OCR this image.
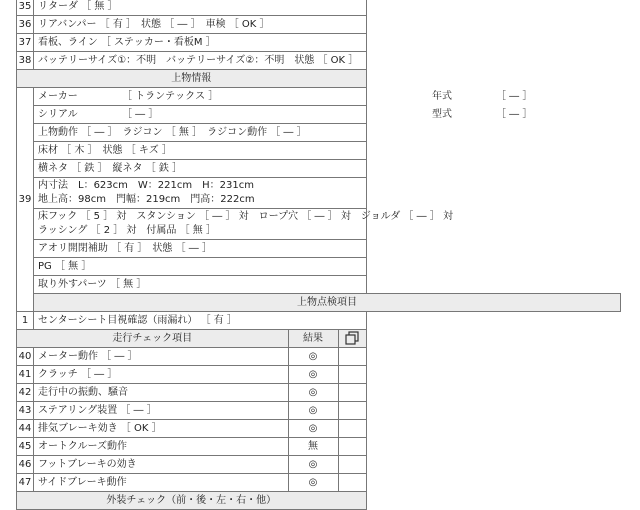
35	リターダ ［ 無 ］		
36	リアバンパー ［ 有 ］　状態 ［ ― ］　車検 ［ OK ］		
37	看板、ライン ［ ステッカー・看板M ］		
38	バッテリーサイズ①：不明　バッテリーサイズ②：不明　状態 ［ OK ］		
上物情報			
39	メーカー ［ トランテックス ］ 年式 ［ ― ］		
	シリアル ［ ― ］ 型式 ［ ― ］		
	上物動作 ［ ― ］　ラジコン ［ 無 ］　ラジコン動作 ［ ― ］		
	床材 ［ 木 ］　状態 ［ キズ ］		
	横ネタ ［ 鉄 ］　縦ネタ ［ 鉄 ］		

	内寸法　L：623cm　W：221cm　H：231cm
地上高：98cm　門幅：219cm　門高：222cm		

	床フック ［ 5 ］ 対　スタンション ［ ― ］ 対　ロープ穴 ［ ― ］ 対　ジョルダ ［ ― ］ 対
ラッシング ［ 2 ］ 対　付属品 ［ 無 ］		

	アオリ開閉補助 ［ 有 ］　状態 ［ ― ］		
	PG ［ 無 ］		
	取り外すパーツ ［ 無 ］		
	上物点検項目		
1	センターシート目視確認（雨漏れ） ［ 有 ］		
走行チェック項目		結果	
40	メーター動作 ［ ― ］	◎	
41	クラッチ ［ ― ］	◎	
42	走行中の振動、騒音	◎	
43	ステアリング装置 ［ ― ］	◎	
44	排気ブレーキ効き ［ OK ］	◎	
45	オートクルーズ動作	無	
46	フットブレーキの効き	◎	
47	サイドブレーキ動作	◎	
外装チェック（前・後・左・右・他）			
